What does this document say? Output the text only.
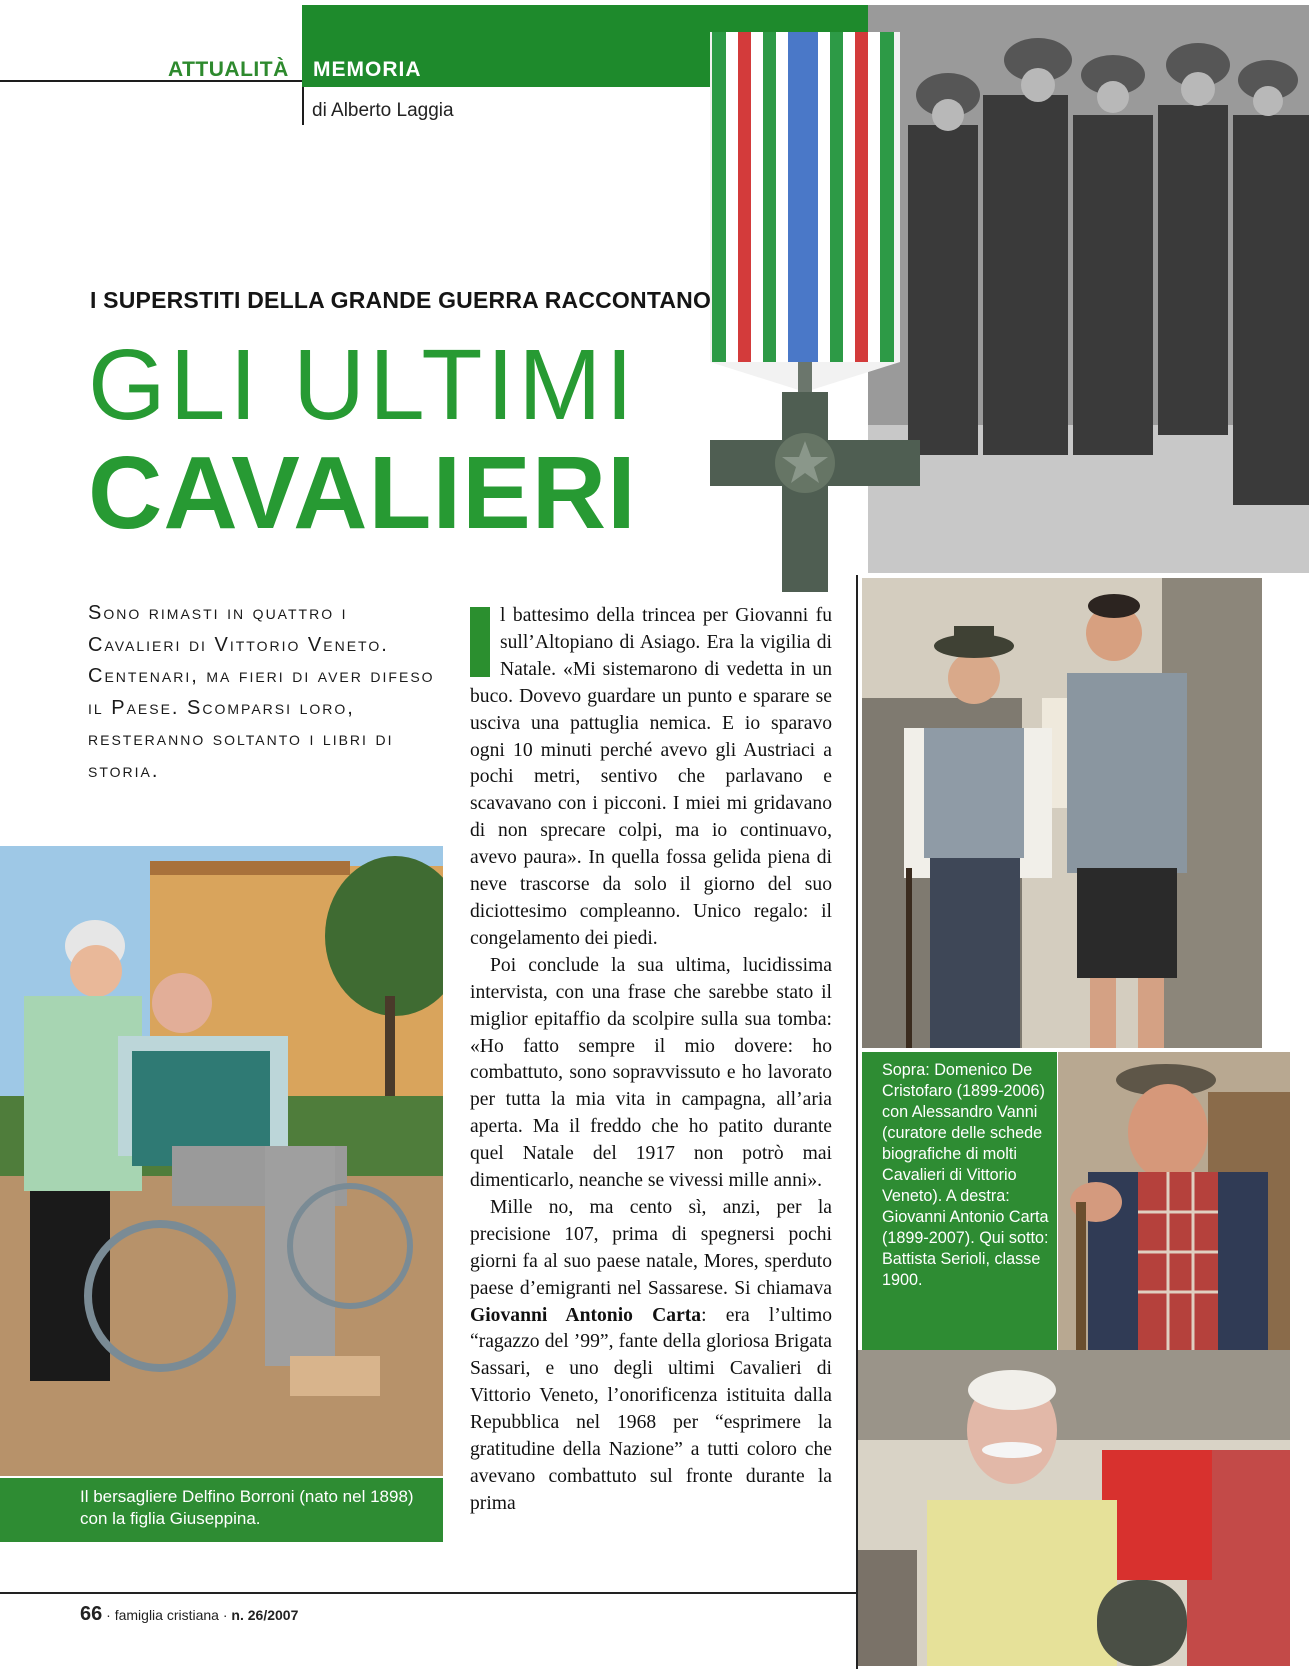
ATTUALITÀ MEMORIA
di Alberto Laggia
I SUPERSTITI DELLA GRANDE GUERRA RACCONTANO
GLI ULTIMI
CAVALIERI
Sono rimasti in quattro i Cavalieri di Vittorio Veneto. Centenari, ma fieri di aver difeso il Paese. Scomparsi loro, resteranno soltanto i libri di storia.

l battesimo della trincea per Giovanni fu sull’Altopiano di Asiago. Era la vigilia di Natale. «Mi sistemarono di vedetta in un buco. Dovevo guardare un punto e sparare se usciva una pattuglia nemica. E io sparavo ogni 10 minuti perché avevo gli Austriaci a pochi metri, sentivo che parlavano e scavavano con i picconi. I miei mi gridavano di non sprecare colpi, ma io continuavo, avevo paura». In quella fossa gelida piena di neve trascorse da solo il giorno del suo diciottesimo compleanno. Unico regalo: il congelamento dei piedi.

Poi conclude la sua ultima, lucidissima intervista, con una frase che sarebbe stato il miglior epitaffio da scolpire sulla sua tomba: «Ho fatto sempre il mio dovere: ho combattuto, sono sopravvissuto e ho lavorato per tutta la mia vita in campagna, all’aria aperta. Ma il freddo che ho patito durante quel Natale del 1917 non potrò mai dimenticarlo, neanche se vivessi mille anni».

Mille no, ma cento sì, anzi, per la precisione 107, prima di spegnersi pochi giorni fa al suo paese natale, Mores, sperduto paese d’emigranti nel Sassarese. Si chiamava Giovanni Antonio Carta: era l’ultimo “ragazzo del ’99”, fante della gloriosa Brigata Sassari, e uno degli ultimi Cavalieri di Vittorio Veneto, l’onorificenza istituita dalla Repubblica nel 1968 per “esprimere la gratitudine della Nazione” a tutti coloro che avevano combattuto sul fronte durante la prima

Il bersagliere Delfino Borroni (nato nel 1898) con la figlia Giuseppina.
Sopra: Domenico De Cristofaro (1899-2006) con Alessandro Vanni (curatore delle schede biografiche di molti Cavalieri di Vittorio Veneto). A destra: Giovanni Antonio Carta (1899-2007). Qui sotto: Battista Serioli, classe 1900.
66 · famiglia cristiana · n. 26/2007
